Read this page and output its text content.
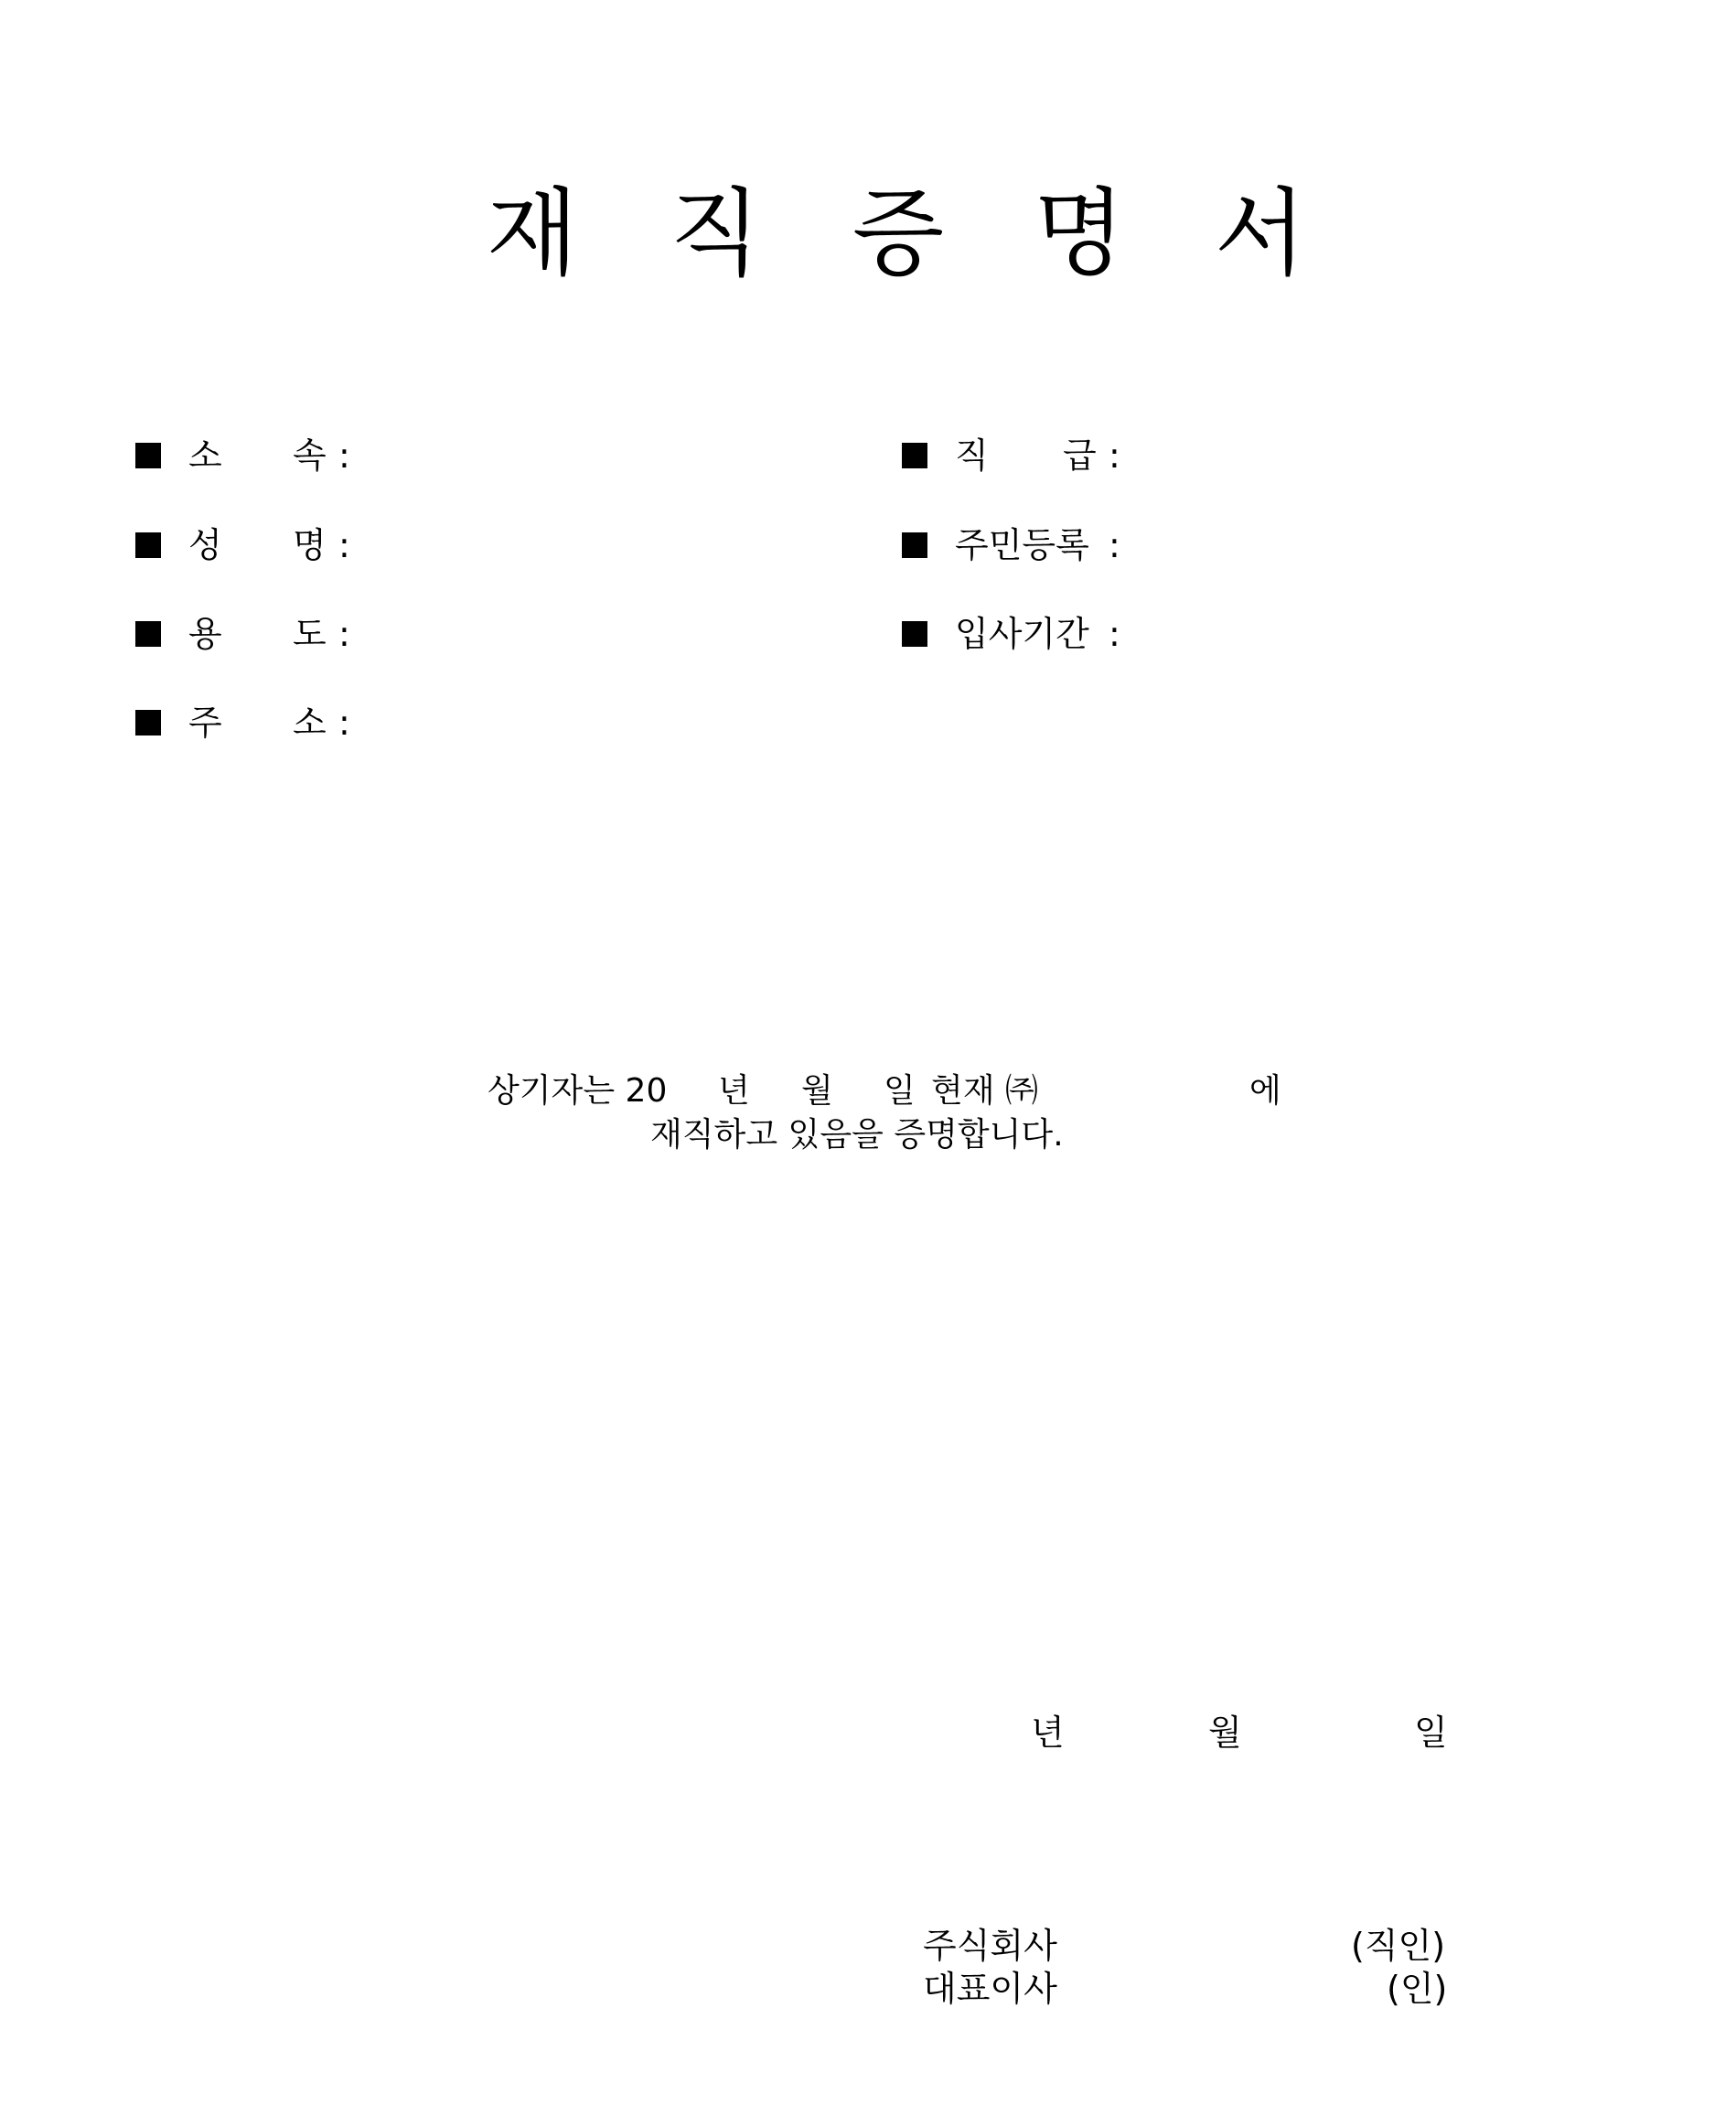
재 직 증 명 서
소 속 :
성 명 :
용 도 :
주 소 :
직 급 :
주민등록 :
입사기간 :
상기자는 20 년 월 일 현재 ㈜	에
재직하고 있음을 증명합니다.
년	월	일
주식회사	(직인)
대표이사	(인)
